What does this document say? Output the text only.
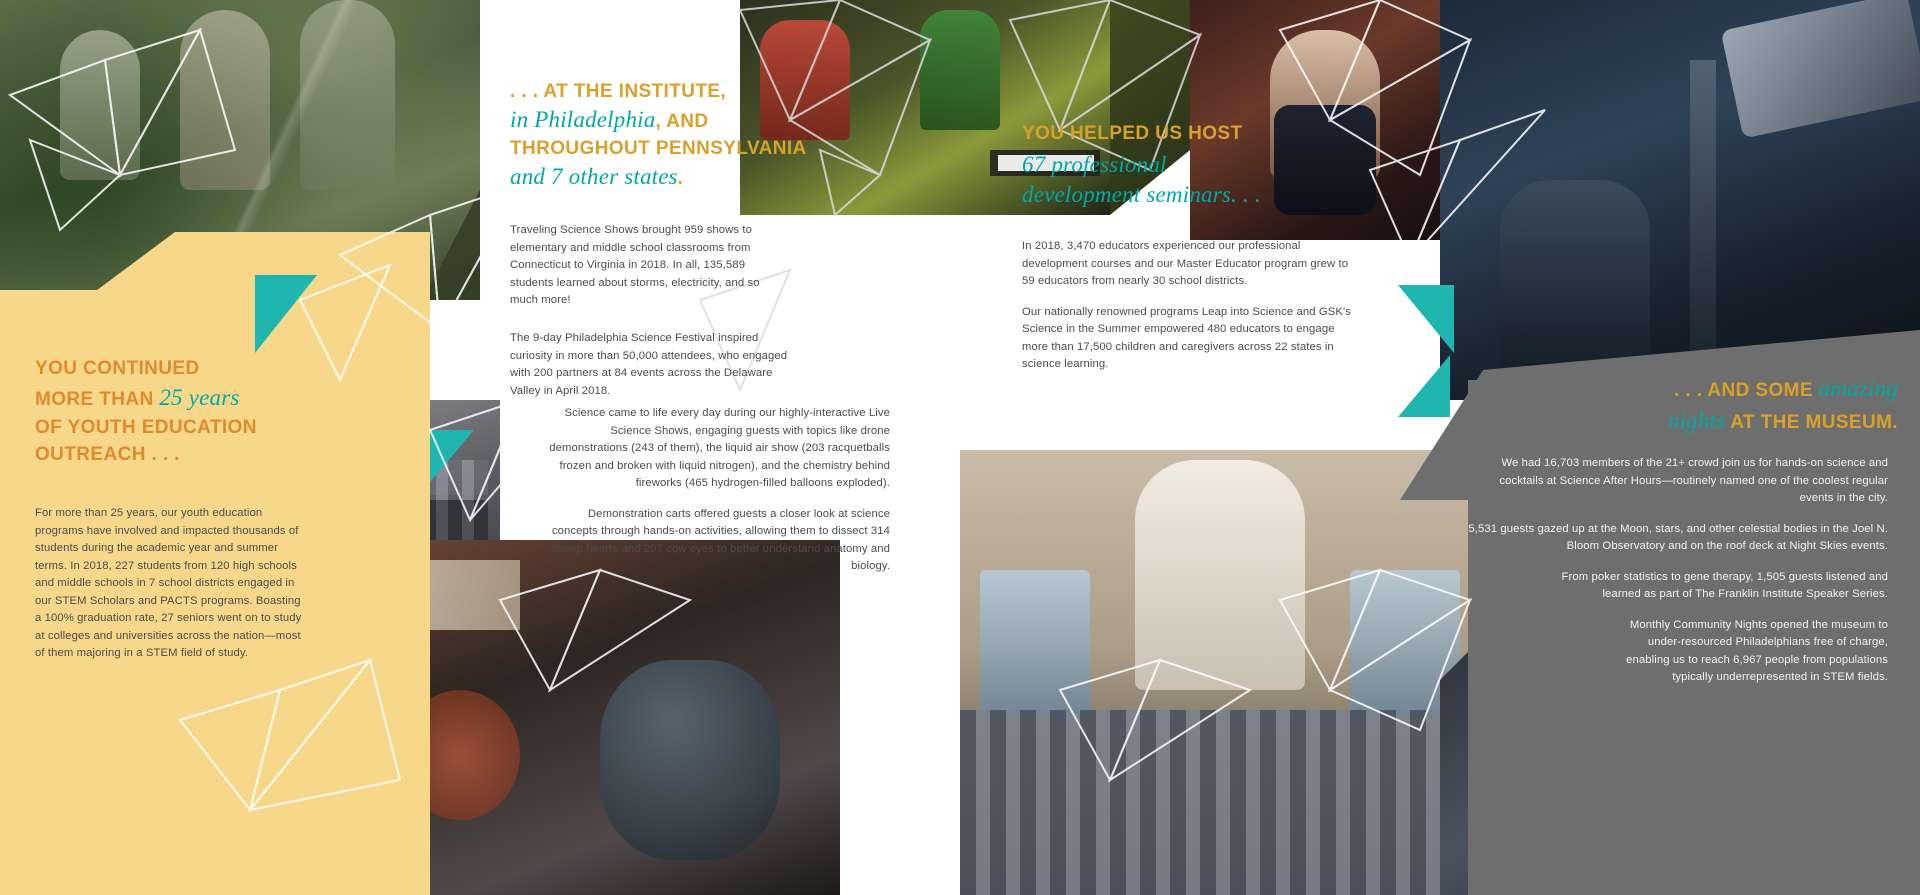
YOU CONTINUED
MORE THAN 25 years
OF YOUTH EDUCATION
OUTREACH . . .

For more than 25 years, our youth education programs have involved and impacted thousands of students during the academic year and summer terms. In 2018, 227 students from 120 high schools and middle schools in 7 school districts engaged in our STEM Scholars and PACTS programs. Boasting a 100% graduation rate, 27 seniors went on to study at colleges and universities across the nation—most of them majoring in a STEM field of study.

. . . AT THE INSTITUTE,
in Philadelphia, AND
THROUGHOUT PENNSYLVANIA
and 7 other states.

Traveling Science Shows brought 959 shows to elementary and middle school classrooms from Connecticut to Virginia in 2018. In all, 135,589 students learned about storms, electricity, and so much more!

The 9-day Philadelphia Science Festival inspired curiosity in more than 50,000 attendees, who engaged with 200 partners at 84 events across the Delaware Valley in April 2018.

Science came to life every day during our highly-interactive Live Science Shows, engaging guests with topics like drone demonstrations (243 of them), the liquid air show (203 racquetballs frozen and broken with liquid nitrogen), and the chemistry behind fireworks (465 hydrogen-filled balloons exploded).

Demonstration carts offered guests a closer look at science concepts through hands-on activities, allowing them to dissect 314 sheep hearts and 207 cow eyes to better understand anatomy and biology.

YOU HELPED US HOST
67 professional
development seminars. . .

In 2018, 3,470 educators experienced our professional development courses and our Master Educator program grew to 59 educators from nearly 30 school districts.

Our nationally renowned programs Leap into Science and GSK's Science in the Summer empowered 480 educators to engage more than 17,500 children and caregivers across 22 states in science learning.

. . . AND SOME amazing
nights AT THE MUSEUM.

We had 16,703 members of the 21+ crowd join us for hands-on science and cocktails at Science After Hours—routinely named one of the coolest regular events in the city.

5,531 guests gazed up at the Moon, stars, and other celestial bodies in the Joel N. Bloom Observatory and on the roof deck at Night Skies events.

From poker statistics to gene therapy, 1,505 guests listened and learned as part of The Franklin Institute Speaker Series.

Monthly Community Nights opened the museum to under-resourced Philadelphians free of charge, enabling us to reach 6,967 people from populations typically underrepresented in STEM fields.
